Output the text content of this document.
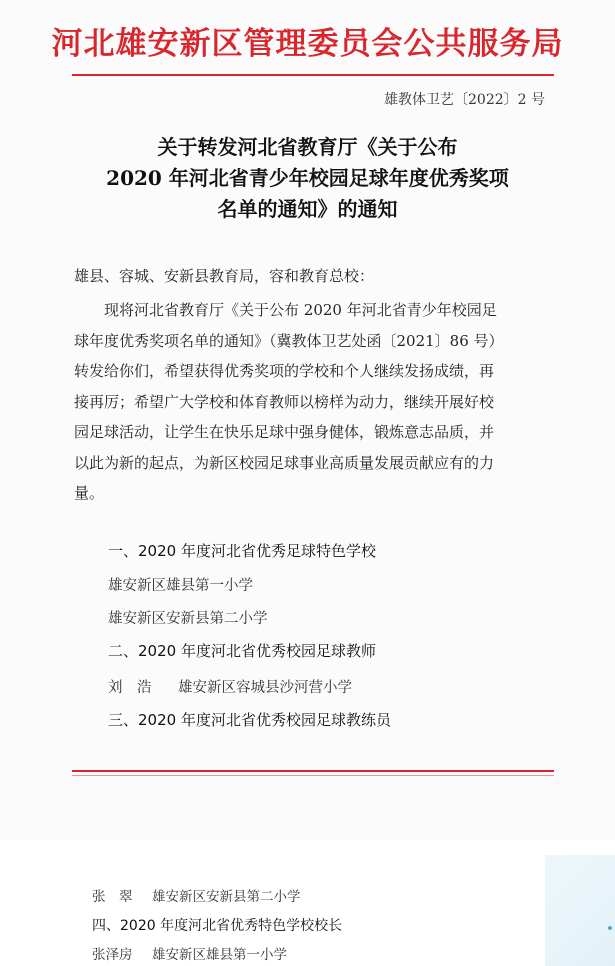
河北雄安新区管理委员会公共服务局
雄教体卫艺〔2022〕2 号
关于转发河北省教育厅《关于公布
2020 年河北省青少年校园足球年度优秀奖项
名单的通知》的通知
雄县、容城、安新县教育局，容和教育总校：
现将河北省教育厅《关于公布 2020 年河北省青少年校园足
球年度优秀奖项名单的通知》（冀教体卫艺处函〔2021〕86 号）
转发给你们，希望获得优秀奖项的学校和个人继续发扬成绩，再
接再厉；希望广大学校和体育教师以榜样为动力，继续开展好校
园足球活动，让学生在快乐足球中强身健体，锻炼意志品质，并
以此为新的起点，为新区校园足球事业高质量发展贡献应有的力
量。
一、2020 年度河北省优秀足球特色学校
雄安新区雄县第一小学
雄安新区安新县第二小学
二、2020 年度河北省优秀校园足球教师
刘　浩 雄安新区容城县沙河营小学
三、2020 年度河北省优秀校园足球教练员
张　翠 雄安新区安新县第二小学
四、2020 年度河北省优秀特色学校校长
张泽房 雄安新区雄县第一小学
